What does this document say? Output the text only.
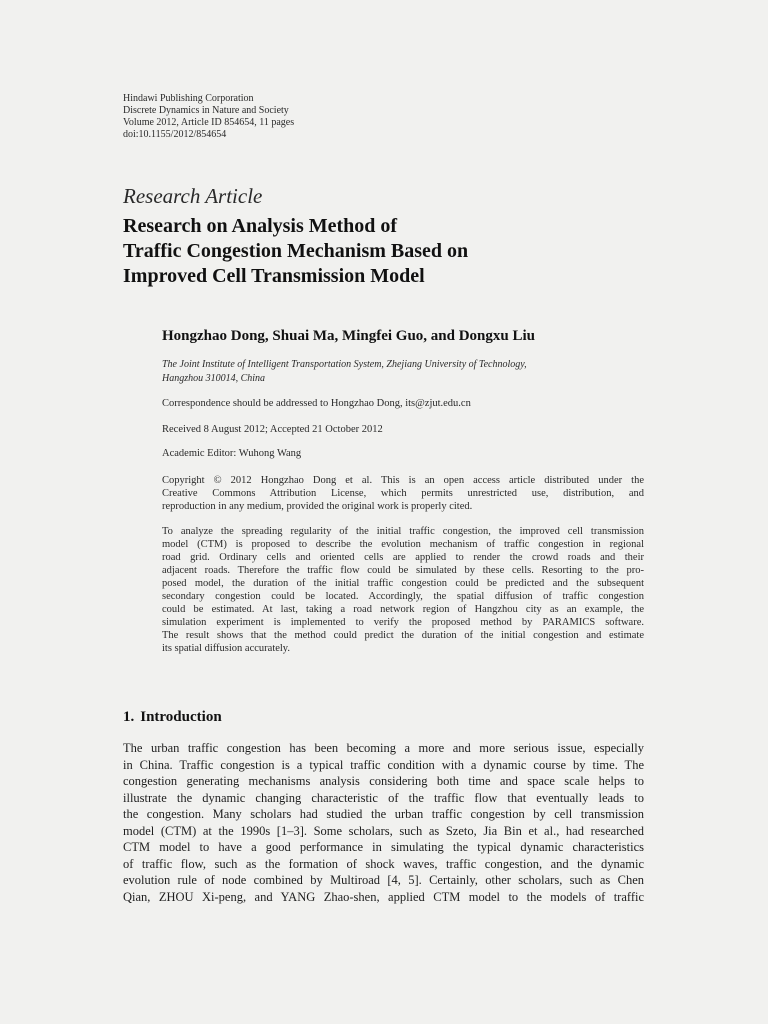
Hindawi Publishing Corporation
Discrete Dynamics in Nature and Society
Volume 2012, Article ID 854654, 11 pages
doi:10.1155/2012/854654
Research Article
Research on Analysis Method of
Traffic Congestion Mechanism Based on
Improved Cell Transmission Model
Hongzhao Dong, Shuai Ma, Mingfei Guo, and Dongxu Liu
The Joint Institute of Intelligent Transportation System, Zhejiang University of Technology,
Hangzhou 310014, China
Correspondence should be addressed to Hongzhao Dong, its@zjut.edu.cn
Received 8 August 2012; Accepted 21 October 2012
Academic Editor: Wuhong Wang
Copyright © 2012 Hongzhao Dong et al. This is an open access article distributed under the
Creative Commons Attribution License, which permits unrestricted use, distribution, and
reproduction in any medium, provided the original work is properly cited.
To analyze the spreading regularity of the initial traffic congestion, the improved cell transmission
model (CTM) is proposed to describe the evolution mechanism of traffic congestion in regional
road grid. Ordinary cells and oriented cells are applied to render the crowd roads and their
adjacent roads. Therefore the traffic flow could be simulated by these cells. Resorting to the pro-
posed model, the duration of the initial traffic congestion could be predicted and the subsequent
secondary congestion could be located. Accordingly, the spatial diffusion of traffic congestion
could be estimated. At last, taking a road network region of Hangzhou city as an example, the
simulation experiment is implemented to verify the proposed method by PARAMICS software.
The result shows that the method could predict the duration of the initial congestion and estimate
its spatial diffusion accurately.
1. Introduction
The urban traffic congestion has been becoming a more and more serious issue, especially
in China. Traffic congestion is a typical traffic condition with a dynamic course by time. The
congestion generating mechanisms analysis considering both time and space scale helps to
illustrate the dynamic changing characteristic of the traffic flow that eventually leads to
the congestion. Many scholars had studied the urban traffic congestion by cell transmission
model (CTM) at the 1990s [1–3]. Some scholars, such as Szeto, Jia Bin et al., had researched
CTM model to have a good performance in simulating the typical dynamic characteristics
of traffic flow, such as the formation of shock waves, traffic congestion, and the dynamic
evolution rule of node combined by Multiroad [4, 5]. Certainly, other scholars, such as Chen
Qian, ZHOU Xi-peng, and YANG Zhao-shen, applied CTM model to the models of traffic
